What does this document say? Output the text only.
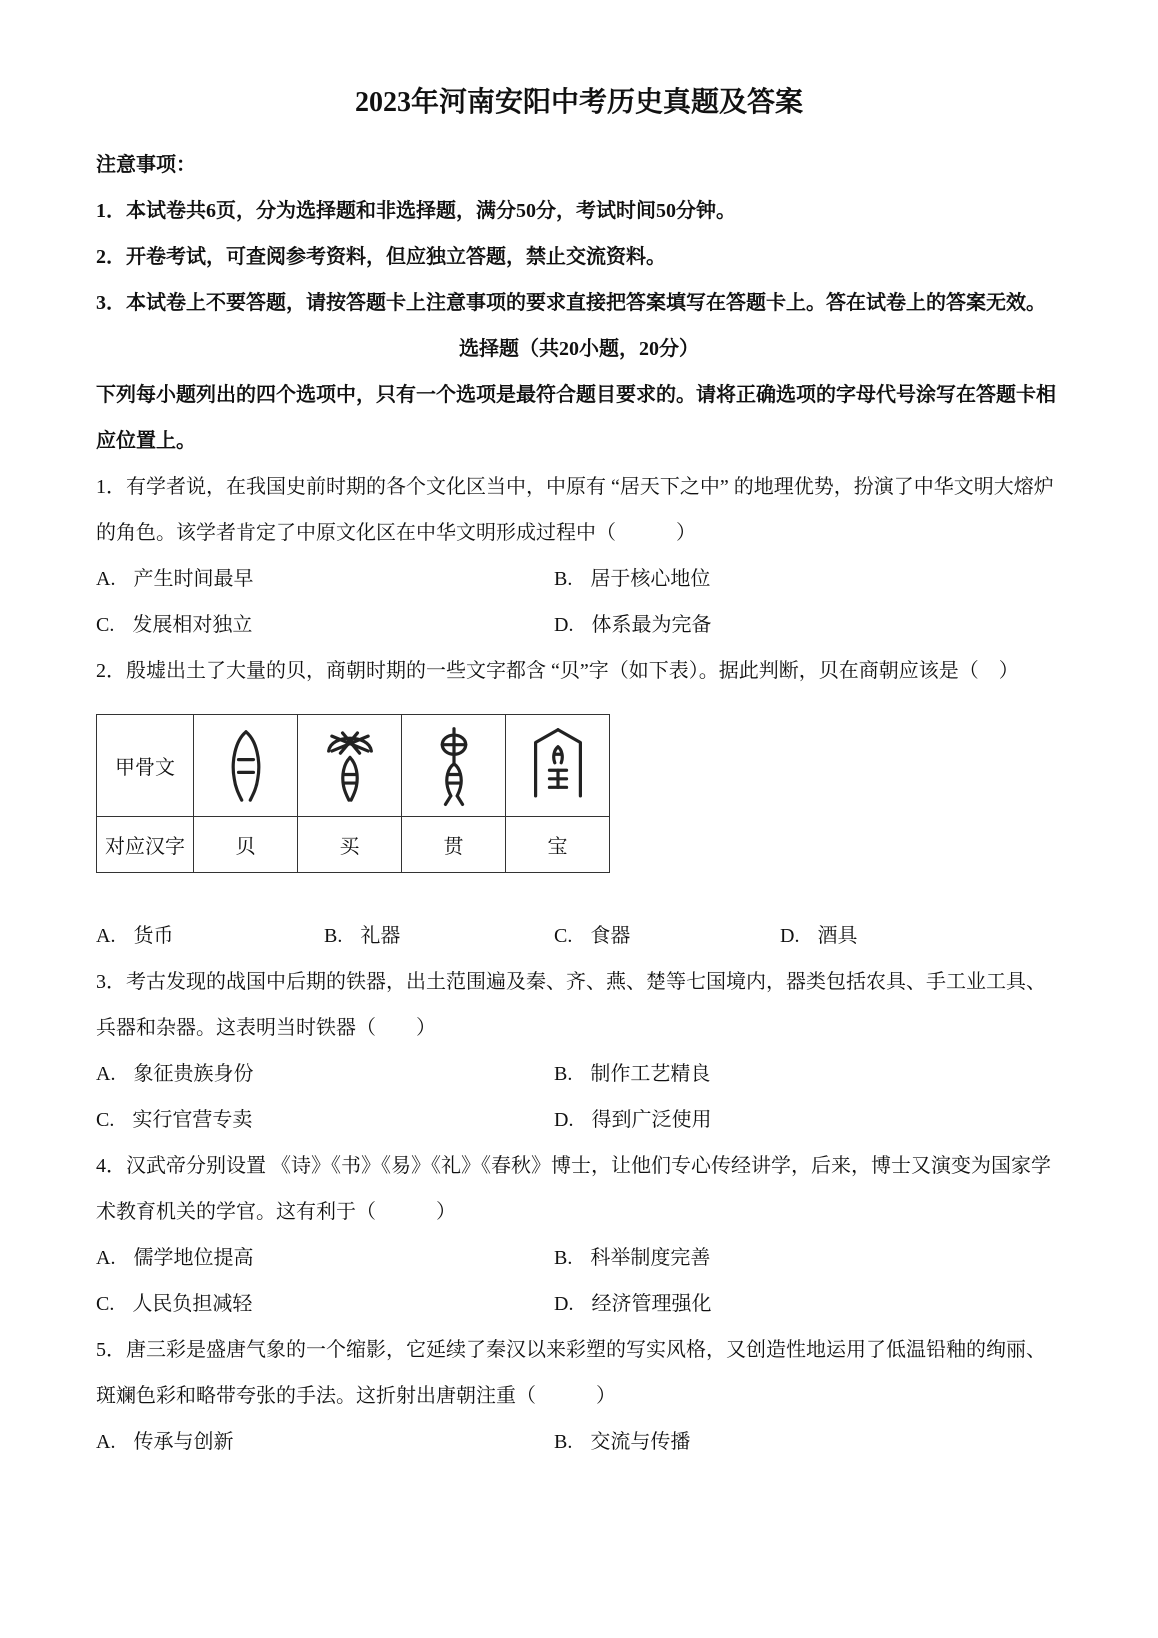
2023年河南安阳中考历史真题及答案

注意事项：

1．本试卷共6页，分为选择题和非选择题，满分50分，考试时间50分钟。

2．开卷考试，可查阅参考资料，但应独立答题，禁止交流资料。

3．本试卷上不要答题，请按答题卡上注意事项的要求直接把答案填写在答题卡上。答在试卷上的答案无效。

选择题（共20小题，20分）

下列每小题列出的四个选项中，只有一个选项是最符合题目要求的。请将正确选项的字母代号涂写在答题卡相应位置上。

1．有学者说，在我国史前时期的各个文化区当中，中原有 “居天下之中” 的地理优势，扮演了中华文明大熔炉的角色。该学者肯定了中原文化区在中华文明形成过程中（　　　）

A. 产生时间最早	B. 居于核心地位
C. 发展相对独立	D. 体系最为完备

2．殷墟出土了大量的贝，商朝时期的一些文字都含 “贝”字（如下表）。据此判断，贝在商朝应该是（　）

甲骨文	

对应汉字	贝	买	贯	宝
A. 货币	B. 礼器	C. 食器	D. 酒具

3．考古发现的战国中后期的铁器，出土范围遍及秦、齐、燕、楚等七国境内，器类包括农具、手工业工具、兵器和杂器。这表明当时铁器（　　）

A. 象征贵族身份	B. 制作工艺精良
C. 实行官营专卖	D. 得到广泛使用

4．汉武帝分别设置 《诗》《书》《易》《礼》《春秋》博士，让他们专心传经讲学，后来，博士又演变为国家学术教育机关的学官。这有利于（　　　）

A. 儒学地位提高	B. 科举制度完善
C. 人民负担减轻	D. 经济管理强化

5．唐三彩是盛唐气象的一个缩影，它延续了秦汉以来彩塑的写实风格，又创造性地运用了低温铅釉的绚丽、斑斓色彩和略带夸张的手法。这折射出唐朝注重（　　　）

A. 传承与创新	B. 交流与传播
